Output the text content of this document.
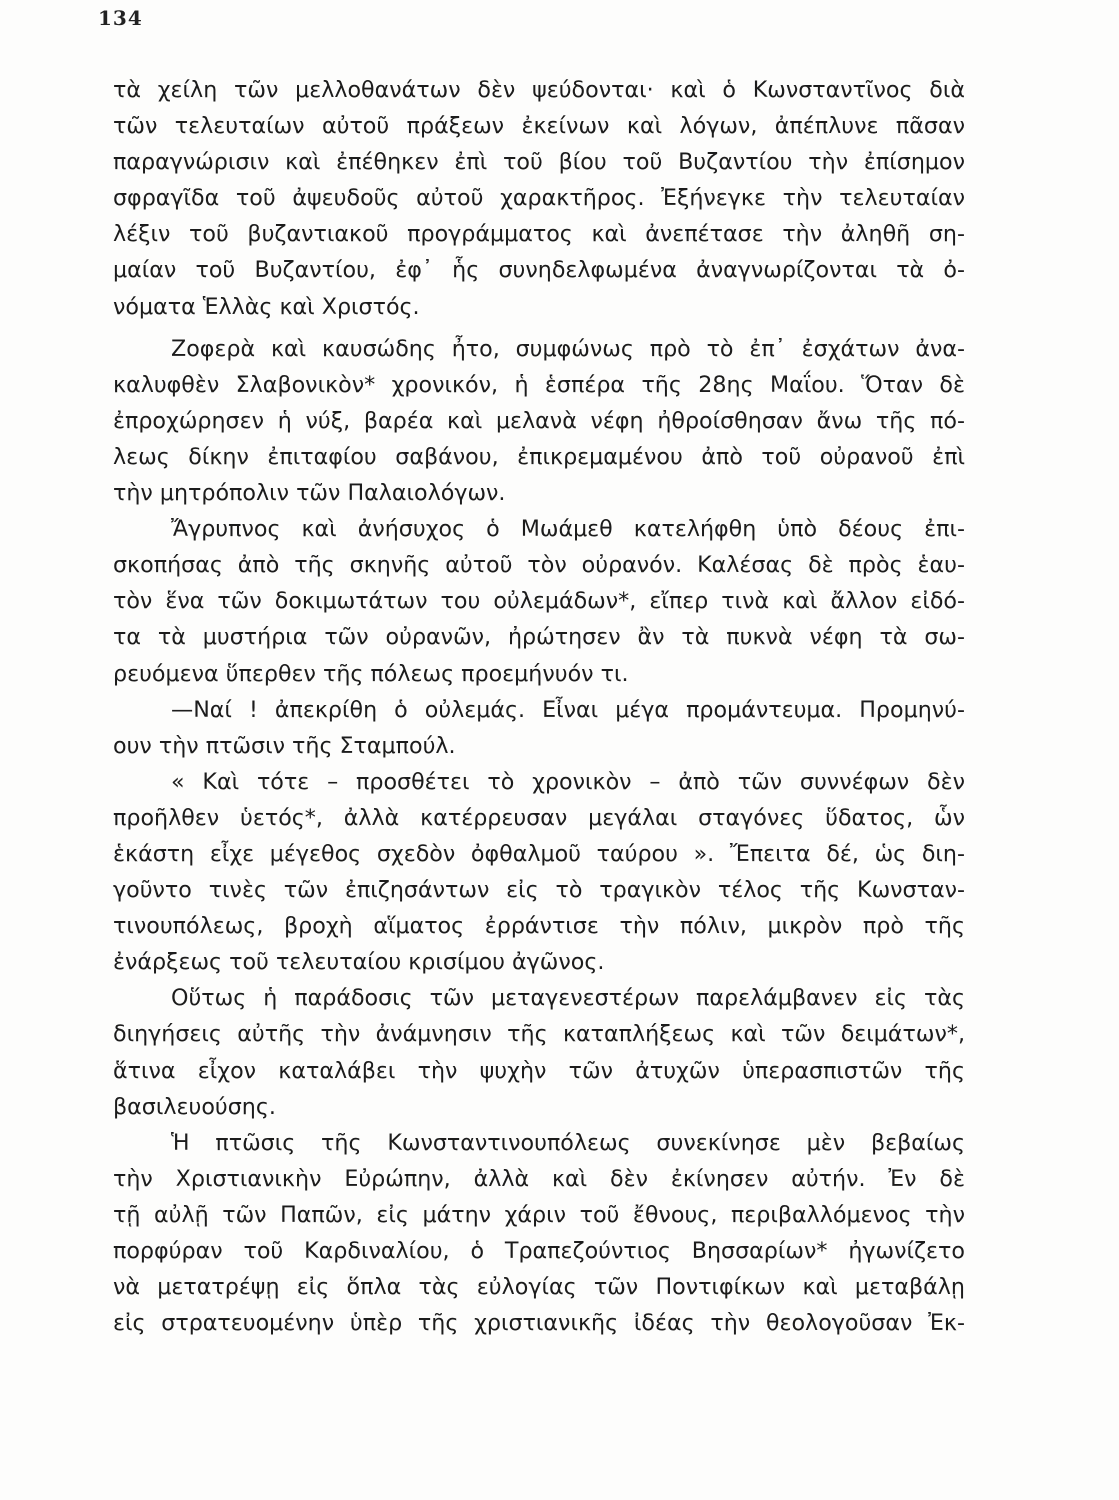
134
τὰ χείλη τῶν μελλοθανάτων δὲν ψεύδονται· καὶ ὁ Κωνσταντῖνος διὰ
τῶν τελευταίων αὐτοῦ πράξεων ἐκείνων καὶ λόγων, ἀπέπλυνε πᾶσαν
παραγνώρισιν καὶ ἐπέθηκεν ἐπὶ τοῦ βίου τοῦ Βυζαντίου τὴν ἐπίσημον
σφραγῖδα τοῦ ἀψευδοῦς αὐτοῦ χαρακτῆρος. Ἐξήνεγκε τὴν τελευταίαν
λέξιν τοῦ βυζαντιακοῦ προγράμματος καὶ ἀνεπέτασε τὴν ἀληθῆ ση-
μαίαν τοῦ Βυζαντίου, ἐφ᾽ ἧς συνηδελφωμένα ἀναγνωρίζονται τὰ ὀ-
νόματα Ἑλλὰς καὶ Χριστός.
Ζοφερὰ καὶ καυσώδης ἦτο, συμφώνως πρὸ τὸ ἐπ᾽ ἐσχάτων ἀνα-
καλυφθὲν Σλαβονικὸν* χρονικόν, ἡ ἑσπέρα τῆς 28ης Μαΐου. Ὅταν δὲ
ἐπροχώρησεν ἡ νύξ, βαρέα καὶ μελανὰ νέφη ἠθροίσθησαν ἄνω τῆς πό-
λεως δίκην ἐπιταφίου σαβάνου, ἐπικρεμαμένου ἀπὸ τοῦ οὐρανοῦ ἐπὶ
τὴν μητρόπολιν τῶν Παλαιολόγων.
Ἄγρυπνος καὶ ἀνήσυχος ὁ Μωάμεθ κατελήφθη ὑπὸ δέους ἐπι-
σκοπήσας ἀπὸ τῆς σκηνῆς αὐτοῦ τὸν οὐρανόν. Καλέσας δὲ πρὸς ἑαυ-
τὸν ἕνα τῶν δοκιμωτάτων του οὐλεμάδων*, εἴπερ τινὰ καὶ ἄλλον εἰδό-
τα τὰ μυστήρια τῶν οὐρανῶν, ἠρώτησεν ἂν τὰ πυκνὰ νέφη τὰ σω-
ρευόμενα ὕπερθεν τῆς πόλεως προεμήνυόν τι.
—Ναί ! ἀπεκρίθη ὁ οὐλεμάς. Εἶναι μέγα προμάντευμα. Προμηνύ-
ουν τὴν πτῶσιν τῆς Σταμπούλ.
« Καὶ τότε – προσθέτει τὸ χρονικὸν – ἀπὸ τῶν συννέφων δὲν
προῆλθεν ὑετός*, ἀλλὰ κατέρρευσαν μεγάλαι σταγόνες ὕδατος, ὧν
ἑκάστη εἶχε μέγεθος σχεδὸν ὀφθαλμοῦ ταύρου ». Ἔπειτα δέ, ὡς διη-
γοῦντο τινὲς τῶν ἐπιζησάντων εἰς τὸ τραγικὸν τέλος τῆς Κωνσταν-
τινουπόλεως, βροχὴ αἵματος ἐρράντισε τὴν πόλιν, μικρὸν πρὸ τῆς
ἐνάρξεως τοῦ τελευταίου κρισίμου ἀγῶνος.
Οὕτως ἡ παράδοσις τῶν μεταγενεστέρων παρελάμβανεν εἰς τὰς
διηγήσεις αὐτῆς τὴν ἀνάμνησιν τῆς καταπλήξεως καὶ τῶν δειμάτων*,
ἅτινα εἶχον καταλάβει τὴν ψυχὴν τῶν ἀτυχῶν ὑπερασπιστῶν τῆς
βασιλευούσης.
Ἡ πτῶσις τῆς Κωνσταντινουπόλεως συνεκίνησε μὲν βεβαίως
τὴν Χριστιανικὴν Εὐρώπην, ἀλλὰ καὶ δὲν ἐκίνησεν αὐτήν. Ἐν δὲ
τῇ αὐλῇ τῶν Παπῶν, εἰς μάτην χάριν τοῦ ἔθνους, περιβαλλόμενος τὴν
πορφύραν τοῦ Καρδιναλίου, ὁ Τραπεζούντιος Βησσαρίων* ἠγωνίζετο
νὰ μετατρέψῃ εἰς ὅπλα τὰς εὐλογίας τῶν Ποντιφίκων καὶ μεταβάλῃ
εἰς στρατευομένην ὑπὲρ τῆς χριστιανικῆς ἰδέας τὴν θεολογοῦσαν Ἐκ-
